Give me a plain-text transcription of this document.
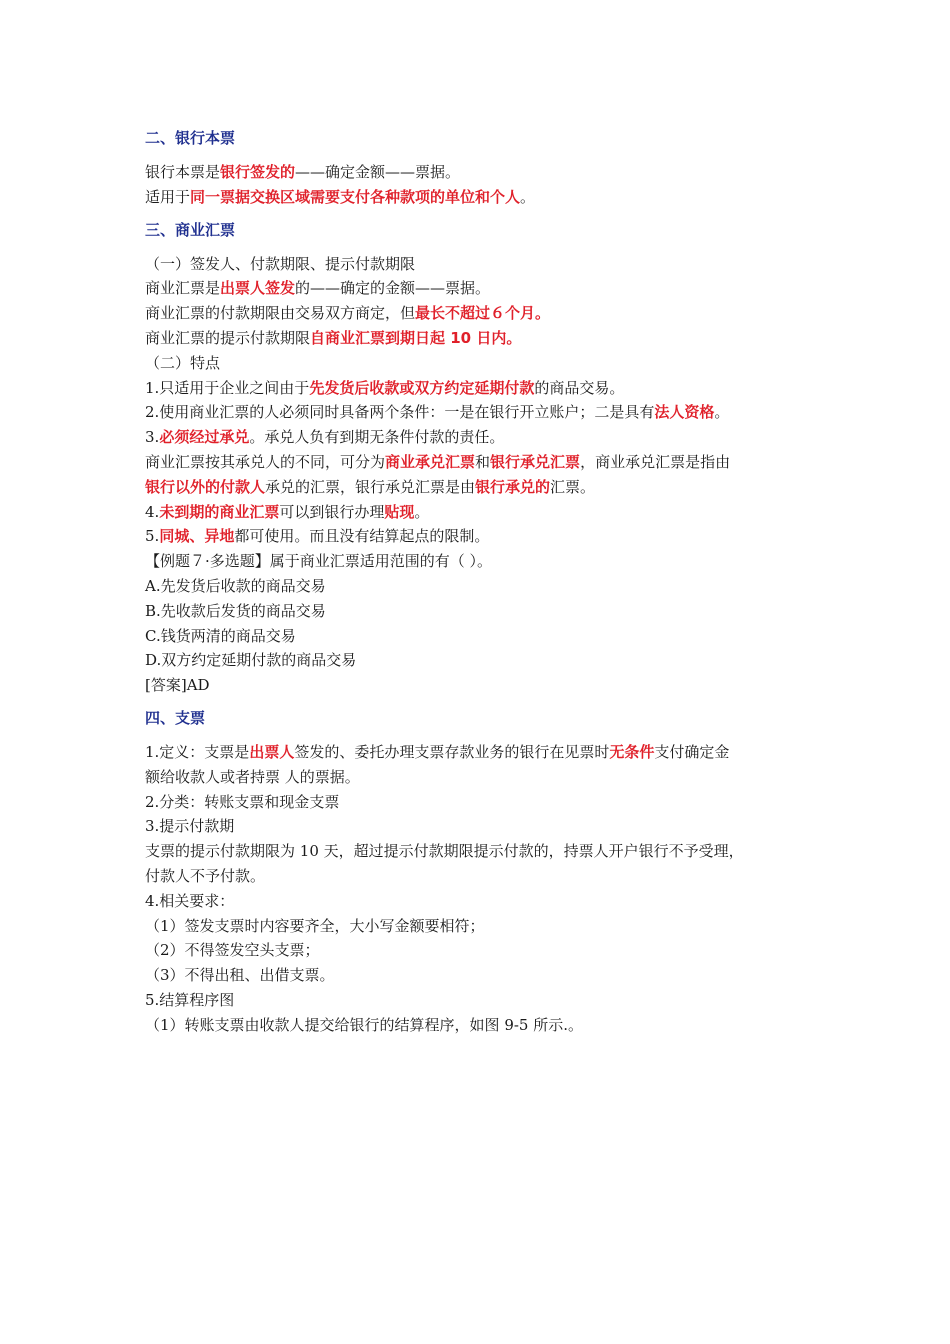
二、银行本票
银行本票是银行签发的——确定金额——票据。
适用于同一票据交换区域需要支付各种款项的单位和个人。
三、商业汇票
（一）签发人、付款期限、提示付款期限
商业汇票是出票人签发的——确定的金额——票据。
商业汇票的付款期限由交易双方商定，但最长不超过６个月。
商业汇票的提示付款期限自商业汇票到期日起 10 日内。
（二）特点
1.只适用于企业之间由于先发货后收款或双方约定延期付款的商品交易。
2.使用商业汇票的人必须同时具备两个条件：一是在银行开立账户；二是具有法人资格。
3.必须经过承兑。承兑人负有到期无条件付款的责任。
商业汇票按其承兑人的不同，可分为商业承兑汇票和银行承兑汇票，商业承兑汇票是指由
银行以外的付款人承兑的汇票，银行承兑汇票是由银行承兑的汇票。
4.未到期的商业汇票可以到银行办理贴现。
5.同城、异地都可使用。而且没有结算起点的限制。
【例题７·多选题】属于商业汇票适用范围的有（ ）。
A.先发货后收款的商品交易
B.先收款后发货的商品交易
C.钱货两清的商品交易
D.双方约定延期付款的商品交易
[答案]AD
四、支票
1.定义：支票是出票人签发的、委托办理支票存款业务的银行在见票时无条件支付确定金
额给收款人或者持票 人的票据。
2.分类：转账支票和现金支票
3.提示付款期
支票的提示付款期限为 10 天，超过提示付款期限提示付款的，持票人开户银行不予受理，
付款人不予付款。
4.相关要求：
（1）签发支票时内容要齐全，大小写金额要相符；
（2）不得签发空头支票；
（3）不得出租、出借支票。
5.结算程序图
（1）转账支票由收款人提交给银行的结算程序，如图 9-5 所示.。
